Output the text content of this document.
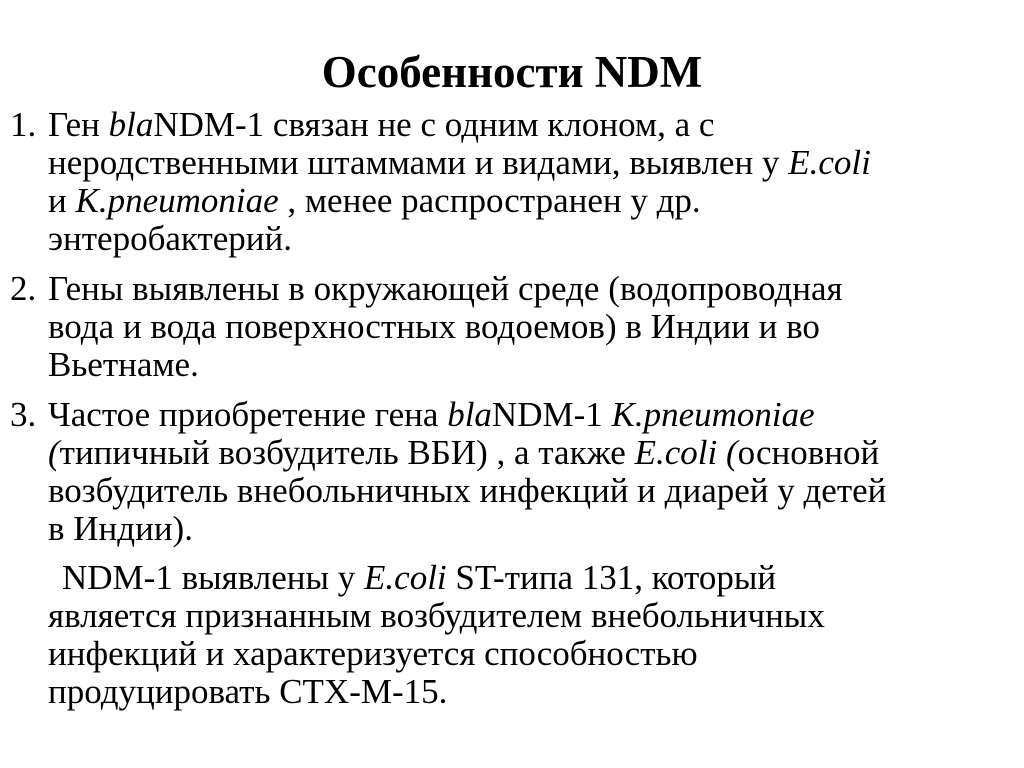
Особенности NDM
1. Ген blaNDM-1 связан не с одним клоном, а с
неродственными штаммами и видами, выявлен у E.coli
и K.pneumoniae , менее распространен у др.
энтеробактерий.
2. Гены выявлены в окружающей среде (водопроводная
вода и вода поверхностных водоемов) в Индии и во
Вьетнаме.
3. Частое приобретение гена blaNDM-1 K.pneumoniae
(типичный возбудитель ВБИ) , а также E.coli (основной
возбудитель внебольничных инфекций и диарей у детей
в Индии).
NDM-1 выявлены у E.coli ST-типа 131, который
является признанным возбудителем внебольничных
инфекций и характеризуется способностью
продуцировать CTX-M-15.
